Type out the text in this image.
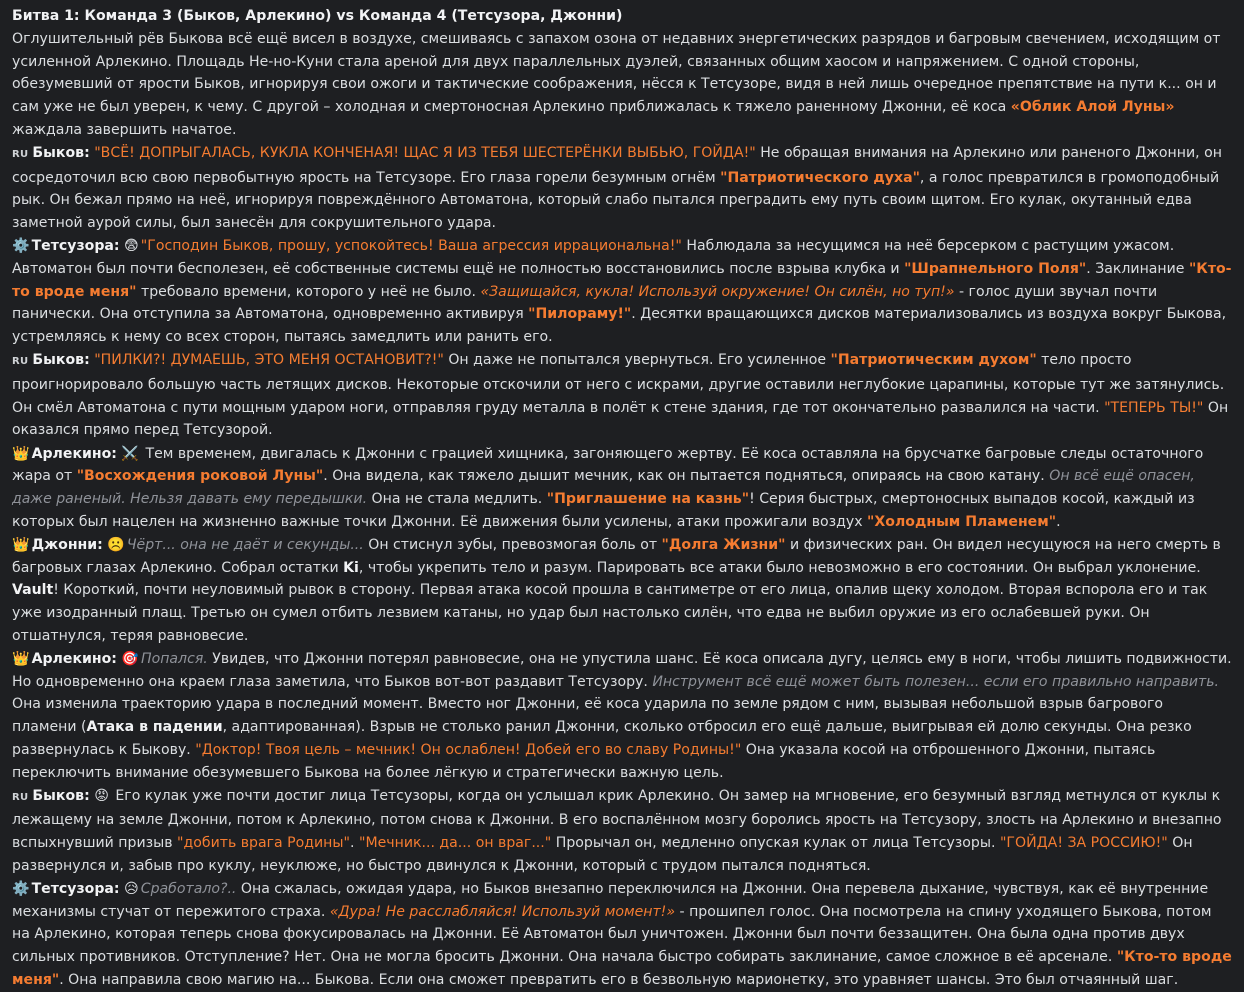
Битва 1: Команда 3 (Быков, Арлекино) vs Команда 4 (Тетсузора, Джонни)

Оглушительный рёв Быкова всё ещё висел в воздухе, смешиваясь с запахом озона от недавних энергетических разрядов и багровым свечением, исходящим от усиленной Арлекино. Площадь Не-но-Куни стала ареной для двух параллельных дуэлей, связанных общим хаосом и напряжением. С одной стороны, обезумевший от ярости Быков, игнорируя свои ожоги и тактические соображения, нёсся к Тетсузоре, видя в ней лишь очередное препятствие на пути к... он и сам уже не был уверен, к чему. С другой – холодная и смертоносная Арлекино приближалась к тяжело раненному Джонни, её коса «Облик Алой Луны» жаждала завершить начатое.

RU Быков: "ВСЁ! ДОПРЫГАЛАСЬ, КУКЛА КОНЧЕНАЯ! ЩАС Я ИЗ ТЕБЯ ШЕСТЕРЁНКИ ВЫБЬЮ, ГОЙДА!" Не обращая внимания на Арлекино или раненого Джонни, он сосредоточил всю свою первобытную ярость на Тетсузоре. Его глаза горели безумным огнём "Патриотического духа", а голос превратился в громоподобный рык. Он бежал прямо на неё, игнорируя повреждённого Автоматона, который слабо пытался преградить ему путь своим щитом. Его кулак, окутанный едва заметной аурой силы, был занесён для сокрушительного удара.

⚙️ Тетсузора: 😨 "Господин Быков, прошу, успокойтесь! Ваша агрессия иррациональна!" Наблюдала за несущимся на неё берсерком с растущим ужасом. Автоматон был почти бесполезен, её собственные системы ещё не полностью восстановились после взрыва клубка и "Шрапнельного Поля". Заклинание "Кто-то вроде меня" требовало времени, которого у неё не было. «Защищайся, кукла! Используй окружение! Он силён, но туп!» - голос души звучал почти панически. Она отступила за Автоматона, одновременно активируя "Пилораму!". Десятки вращающихся дисков материализовались из воздуха вокруг Быкова, устремляясь к нему со всех сторон, пытаясь замедлить или ранить его.

RU Быков: "ПИЛКИ?! ДУМАЕШЬ, ЭТО МЕНЯ ОСТАНОВИТ?!" Он даже не попытался увернуться. Его усиленное "Патриотическим духом" тело просто проигнорировало большую часть летящих дисков. Некоторые отскочили от него с искрами, другие оставили неглубокие царапины, которые тут же затянулись. Он смёл Автоматона с пути мощным ударом ноги, отправляя груду металла в полёт к стене здания, где тот окончательно развалился на части. "ТЕПЕРЬ ТЫ!" Он оказался прямо перед Тетсузорой.

👑 Арлекино: ⚔️ Тем временем, двигалась к Джонни с грацией хищника, загоняющего жертву. Её коса оставляла на брусчатке багровые следы остаточного жара от "Восхождения роковой Луны". Она видела, как тяжело дышит мечник, как он пытается подняться, опираясь на свою катану. Он всё ещё опасен, даже раненый. Нельзя давать ему передышки. Она не стала медлить. "Приглашение на казнь"! Серия быстрых, смертоносных выпадов косой, каждый из которых был нацелен на жизненно важные точки Джонни. Её движения были усилены, атаки прожигали воздух "Холодным Пламенем".

👑 Джонни: ☹️ Чёрт... она не даёт и секунды... Он стиснул зубы, превозмогая боль от "Долга Жизни" и физических ран. Он видел несущуюся на него смерть в багровых глазах Арлекино. Собрал остатки Ki, чтобы укрепить тело и разум. Парировать все атаки было невозможно в его состоянии. Он выбрал уклонение. Vault! Короткий, почти неуловимый рывок в сторону. Первая атака косой прошла в сантиметре от его лица, опалив щеку холодом. Вторая вспорола его и так уже изодранный плащ. Третью он сумел отбить лезвием катаны, но удар был настолько силён, что едва не выбил оружие из его ослабевшей руки. Он отшатнулся, теряя равновесие.

👑 Арлекино: 🎯 Попался. Увидев, что Джонни потерял равновесие, она не упустила шанс. Её коса описала дугу, целясь ему в ноги, чтобы лишить подвижности. Но одновременно она краем глаза заметила, что Быков вот-вот раздавит Тетсузору. Инструмент всё ещё может быть полезен... если его правильно направить. Она изменила траекторию удара в последний момент. Вместо ног Джонни, её коса ударила по земле рядом с ним, вызывая небольшой взрыв багрового пламени (Атака в падении, адаптированная). Взрыв не столько ранил Джонни, сколько отбросил его ещё дальше, выигрывая ей долю секунды. Она резко развернулась к Быкову. "Доктор! Твоя цель – мечник! Он ослаблен! Добей его во славу Родины!" Она указала косой на отброшенного Джонни, пытаясь переключить внимание обезумевшего Быкова на более лёгкую и стратегически важную цель.

RU Быков: 😡 Его кулак уже почти достиг лица Тетсузоры, когда он услышал крик Арлекино. Он замер на мгновение, его безумный взгляд метнулся от куклы к лежащему на земле Джонни, потом к Арлекино, потом снова к Джонни. В его воспалённом мозгу боролись ярость на Тетсузору, злость на Арлекино и внезапно вспыхнувший призыв "добить врага Родины". "Мечник... да... он враг..." Прорычал он, медленно опуская кулак от лица Тетсузоры. "ГОЙДА! ЗА РОССИЮ!" Он развернулся и, забыв про куклу, неуклюже, но быстро двинулся к Джонни, который с трудом пытался подняться.

⚙️ Тетсузора: 😥 Сработало?.. Она сжалась, ожидая удара, но Быков внезапно переключился на Джонни. Она перевела дыхание, чувствуя, как её внутренние механизмы стучат от пережитого страха. «Дура! Не расслабляйся! Используй момент!» - прошипел голос. Она посмотрела на спину уходящего Быкова, потом на Арлекино, которая теперь снова фокусировалась на Джонни. Её Автоматон был уничтожен. Джонни был почти беззащитен. Она была одна против двух сильных противников. Отступление? Нет. Она не могла бросить Джонни. Она начала быстро собирать заклинание, самое сложное в её арсенале. "Кто-то вроде меня". Она направила свою магию на... Быкова. Если она сможет превратить его в безвольную марионетку, это уравняет шансы. Это был отчаянный шаг.
